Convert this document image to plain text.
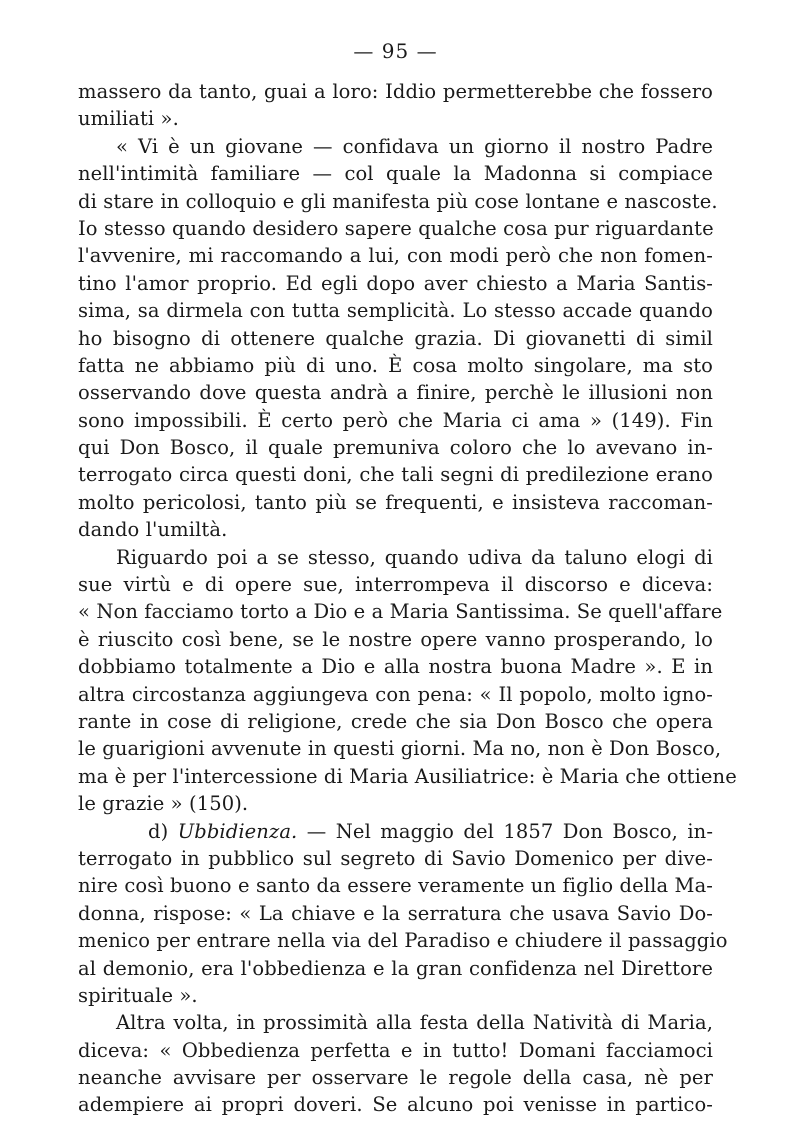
— 95 —
massero da tanto, guai a loro: Iddio permetterebbe che fossero
umiliati ».
« Vi è un giovane — confidava un giorno il nostro Padre
nell'intimità familiare — col quale la Madonna si compiace
di stare in colloquio e gli manifesta più cose lontane e nascoste.
Io stesso quando desidero sapere qualche cosa pur riguardante
l'avvenire, mi raccomando a lui, con modi però che non fomen-
tino l'amor proprio. Ed egli dopo aver chiesto a Maria Santis-
sima, sa dirmela con tutta semplicità. Lo stesso accade quando
ho bisogno di ottenere qualche grazia. Di giovanetti di simil
fatta ne abbiamo più di uno. È cosa molto singolare, ma sto
osservando dove questa andrà a finire, perchè le illusioni non
sono impossibili. È certo però che Maria ci ama » (149). Fin
qui Don Bosco, il quale premuniva coloro che lo avevano in-
terrogato circa questi doni, che tali segni di predilezione erano
molto pericolosi, tanto più se frequenti, e insisteva raccoman-
dando l'umiltà.
Riguardo poi a se stesso, quando udiva da taluno elogi di
sue virtù e di opere sue, interrompeva il discorso e diceva:
« Non facciamo torto a Dio e a Maria Santissima. Se quell'affare
è riuscito così bene, se le nostre opere vanno prosperando, lo
dobbiamo totalmente a Dio e alla nostra buona Madre ». E in
altra circostanza aggiungeva con pena: « Il popolo, molto igno-
rante in cose di religione, crede che sia Don Bosco che opera
le guarigioni avvenute in questi giorni. Ma no, non è Don Bosco,
ma è per l'intercessione di Maria Ausiliatrice: è Maria che ottiene
le grazie » (150).
d) Ubbidienza. — Nel maggio del 1857 Don Bosco, in-
terrogato in pubblico sul segreto di Savio Domenico per dive-
nire così buono e santo da essere veramente un figlio della Ma-
donna, rispose: « La chiave e la serratura che usava Savio Do-
menico per entrare nella via del Paradiso e chiudere il passaggio
al demonio, era l'obbedienza e la gran confidenza nel Direttore
spirituale ».
Altra volta, in prossimità alla festa della Natività di Maria,
diceva: « Obbedienza perfetta e in tutto! Domani facciamoci
neanche avvisare per osservare le regole della casa, nè per
adempiere ai propri doveri. Se alcuno poi venisse in partico-
